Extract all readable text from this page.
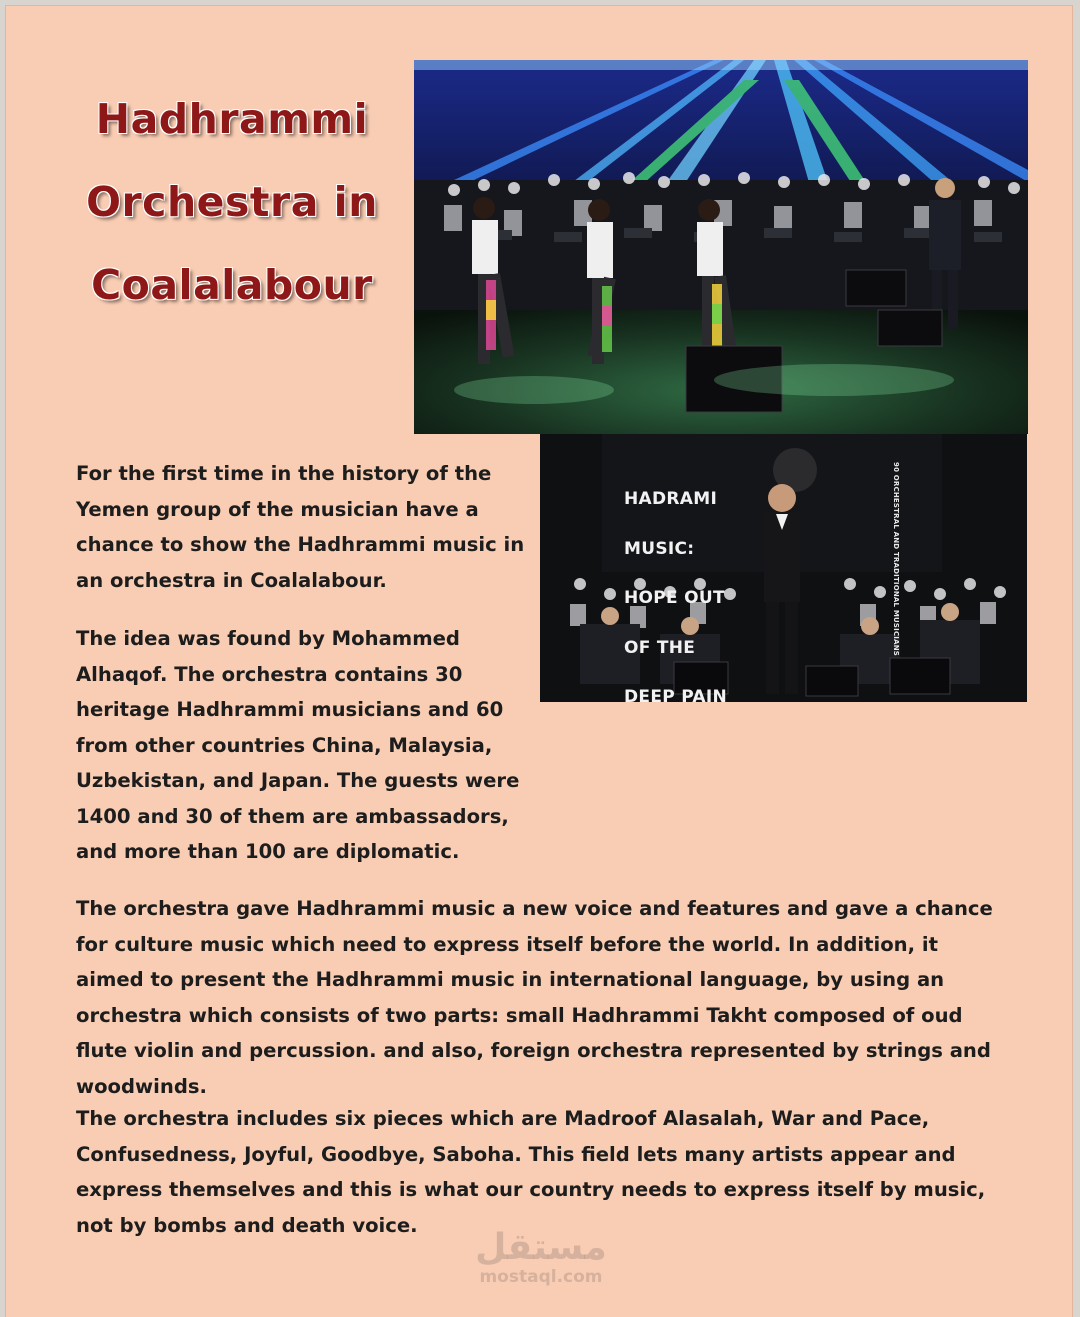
Hadhrammi
Orchestra in
Coalalabour

HADRAMI

MUSIC:

HOPE OUT

OF THE

DEEP PAIN

90 ORCHESTRAL AND TRADITIONAL MUSICIANS

For the first time in the history of the Yemen group of the musician have a chance to show the Hadhrammi music in an orchestra in Coalalabour.

The idea was found by Mohammed Alhaqof. The orchestra contains 30 heritage Hadhrammi musicians and 60 from other countries China, Malaysia, Uzbekistan, and Japan. The guests were 1400 and 30 of them are ambassadors, and more than 100 are diplomatic.

The orchestra gave Hadhrammi music a new voice and features and gave a chance for culture music which need to express itself before the world. In addition, it aimed to present the Hadhrammi music in international language, by using an orchestra which consists of two parts: small Hadhrammi Takht composed of oud flute violin and percussion. and also, foreign orchestra represented by strings and woodwinds.

The orchestra includes six pieces which are Madroof Alasalah, War and Pace, Confusedness, Joyful, Goodbye, Saboha. This field lets many artists appear and express themselves and this is what our country needs to express itself by music, not by bombs and death voice.

مستقل
mostaql.com
